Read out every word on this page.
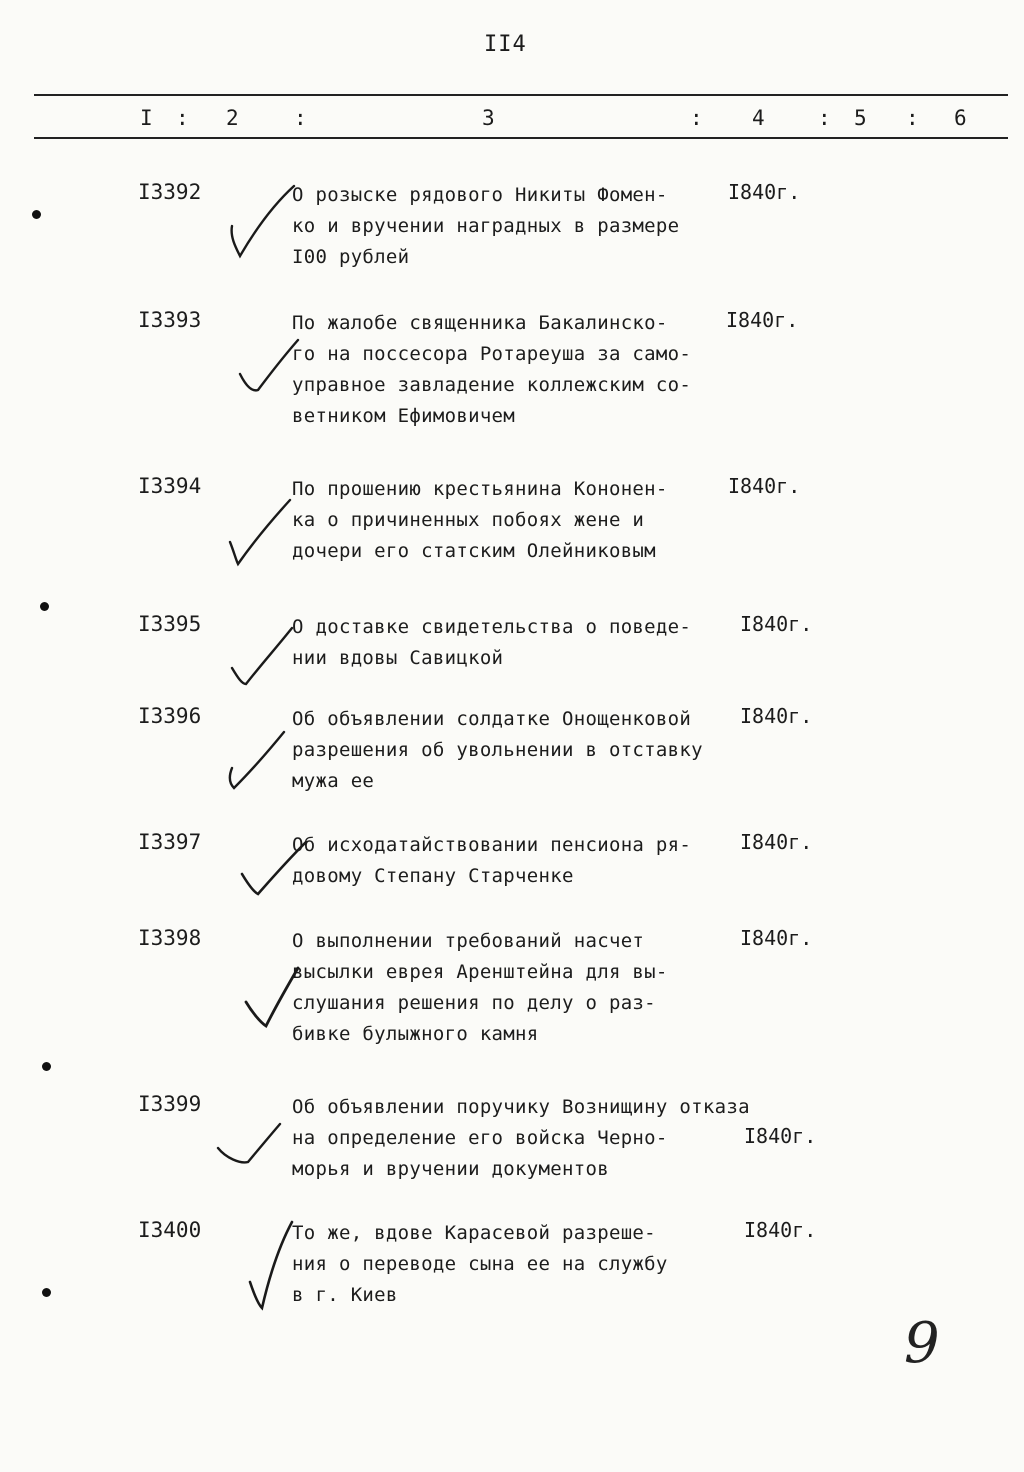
II4
I : 2	:	3	: 4	: 5 : 6
I3392	О розыске рядового Никиты Фомен-
ко и вручении наградных в размере
I00 рублей
I840г.
I3393	По жалобе священника Бакалинско-
го на поссесора Ротареуша за само-
управное завладение коллежским со-
ветником Ефимовичем
I840г.
I3394	По прошению крестьянина Кононен-
ка о причиненных побоях жене и
дочери его статским Олейниковым
I840г.
I3395	О доставке свидетельства о поведе-
нии вдовы Савицкой
I840г.
I3396	Об объявлении солдатке Онощенковой
разрешения об увольнении в отставку
мужа ее
I840г.
I3397	Об исходатайствовании пенсиона ря-
довому Степану Старченке
I840г.
I3398	О выполнении требований насчет
высылки еврея Аренштейна для вы-
слушания решения по делу о раз-
бивке булыжного камня
I840г.
I3399	Об объявлении поручику Вознищину отказа
на определение его войска Черно-
морья и вручении документов
I840г.
I3400	То же, вдове Карасевой разреше-
ния о переводе сына ее на службу
в г. Киев
I840г.
9
